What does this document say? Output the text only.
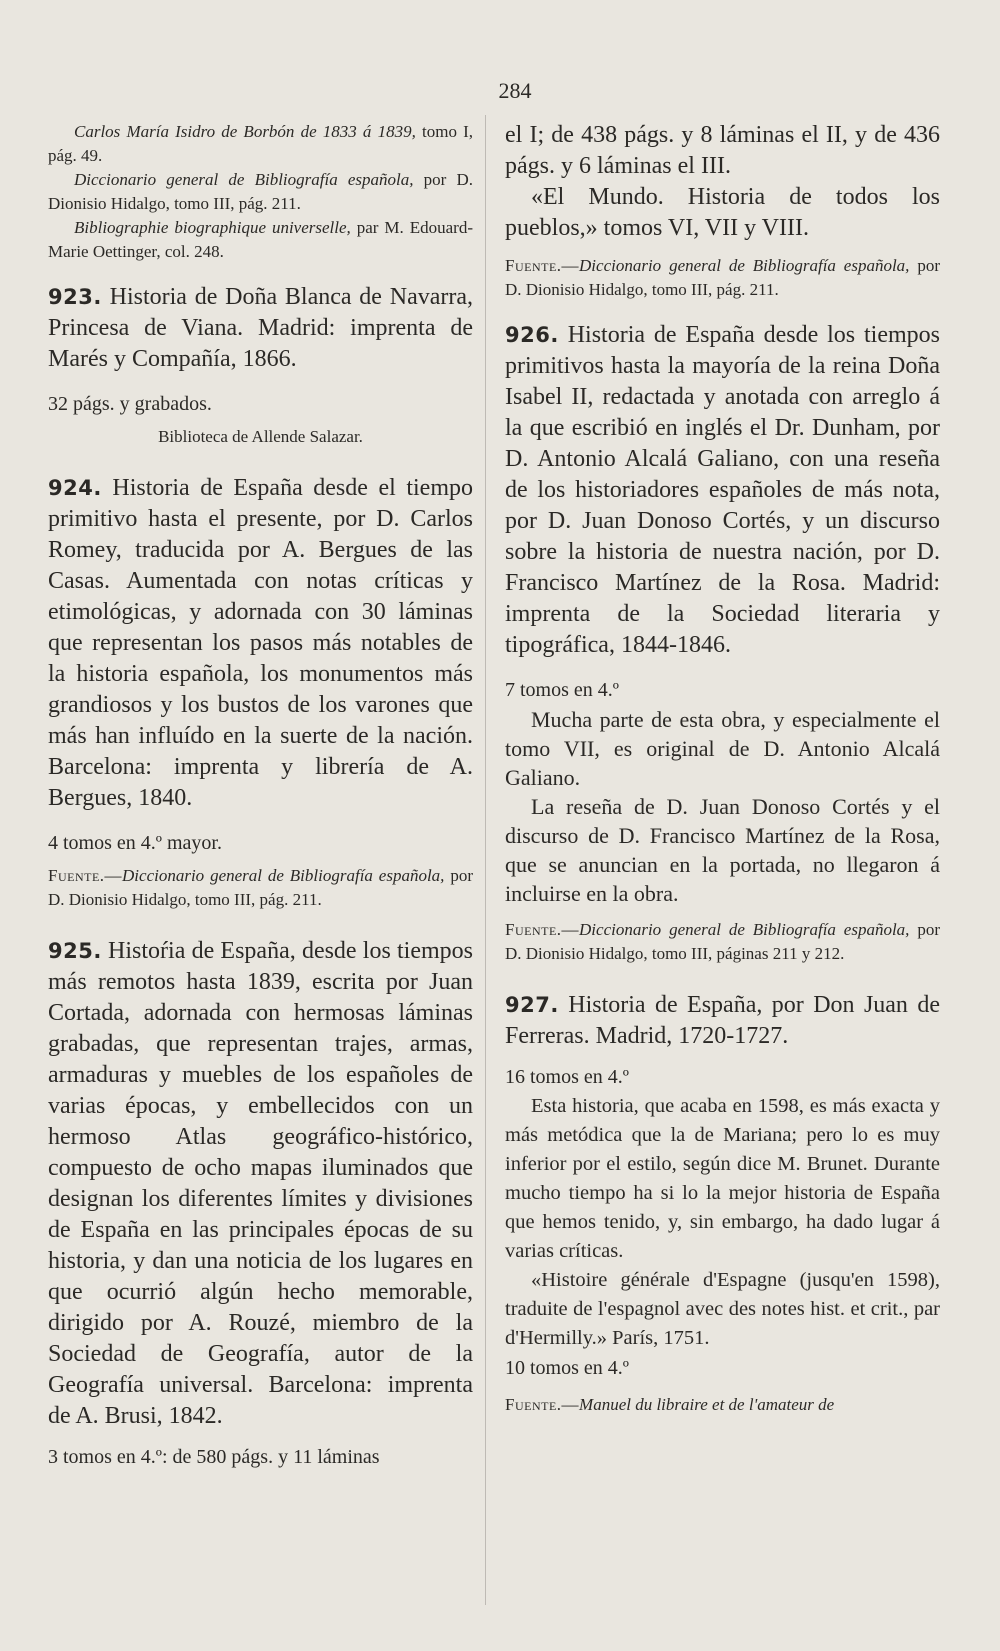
284

Carlos María Isidro de Borbón de 1833 á 1839, tomo I, pág. 49.

Diccionario general de Bibliografía española, por D. Dionisio Hidalgo, tomo III, pág. 211.

Bibliographie biographique universelle, par M. Edouard-Marie Oettinger, col. 248.

923. Historia de Doña Blanca de Navarra, Princesa de Viana. Madrid: imprenta de Marés y Compañía, 1866.

32 págs. y grabados.

Biblioteca de Allende Salazar.

924. Historia de España desde el tiempo primitivo hasta el presente, por D. Carlos Romey, traducida por A. Bergues de las Casas. Aumentada con notas críticas y etimológicas, y adornada con 30 láminas que representan los pasos más notables de la historia española, los monumentos más grandiosos y los bustos de los varones que más han influído en la suerte de la nación. Barcelona: imprenta y librería de A. Bergues, 1840.

4 tomos en 4.º mayor.

Fuente.—Diccionario general de Bibliografía española, por D. Dionisio Hidalgo, tomo III, pág. 211.

925. Histoŕia de España, desde los tiempos más remotos hasta 1839, escrita por Juan Cortada, adornada con hermosas láminas grabadas, que representan trajes, armas, armaduras y muebles de los españoles de varias épocas, y embellecidos con un hermoso Atlas geográfico-histórico, compuesto de ocho mapas iluminados que designan los diferentes límites y divisiones de España en las principales épocas de su historia, y dan una noticia de los lugares en que ocurrió algún hecho memorable, dirigido por A. Rouzé, miembro de la Sociedad de Geografía, autor de la Geografía universal. Barcelona: imprenta de A. Brusi, 1842.

3 tomos en 4.º: de 580 págs. y 11 láminas

el I; de 438 págs. y 8 láminas el II, y de 436 págs. y 6 láminas el III.

«El Mundo. Historia de todos los pueblos,» tomos VI, VII y VIII.

Fuente.—Diccionario general de Bibliografía española, por D. Dionisio Hidalgo, tomo III, pág. 211.

926. Historia de España desde los tiempos primitivos hasta la mayoría de la reina Doña Isabel II, redactada y anotada con arreglo á la que escribió en inglés el Dr. Dunham, por D. Antonio Alcalá Galiano, con una reseña de los historiadores españoles de más nota, por D. Juan Donoso Cortés, y un discurso sobre la historia de nuestra nación, por D. Francisco Martínez de la Rosa. Madrid: imprenta de la Sociedad literaria y tipográfica, 1844-1846.

7 tomos en 4.º

Mucha parte de esta obra, y especialmente el tomo VII, es original de D. Antonio Alcalá Galiano.

La reseña de D. Juan Donoso Cortés y el discurso de D. Francisco Martínez de la Rosa, que se anuncian en la portada, no llegaron á incluirse en la obra.

Fuente.—Diccionario general de Bibliografía española, por D. Dionisio Hidalgo, tomo III, páginas 211 y 212.

927. Historia de España, por Don Juan de Ferreras. Madrid, 1720-1727.

16 tomos en 4.º

Esta historia, que acaba en 1598, es más exacta y más metódica que la de Mariana; pero lo es muy inferior por el estilo, según dice M. Brunet. Durante mucho tiempo ha si lo la mejor historia de España que hemos tenido, y, sin embargo, ha dado lugar á varias críticas.

«Histoire générale d'Espagne (jusqu'en 1598), traduite de l'espagnol avec des notes hist. et crit., par d'Hermilly.» París, 1751.

10 tomos en 4.º

Fuente.—Manuel du libraire et de l'amateur de
